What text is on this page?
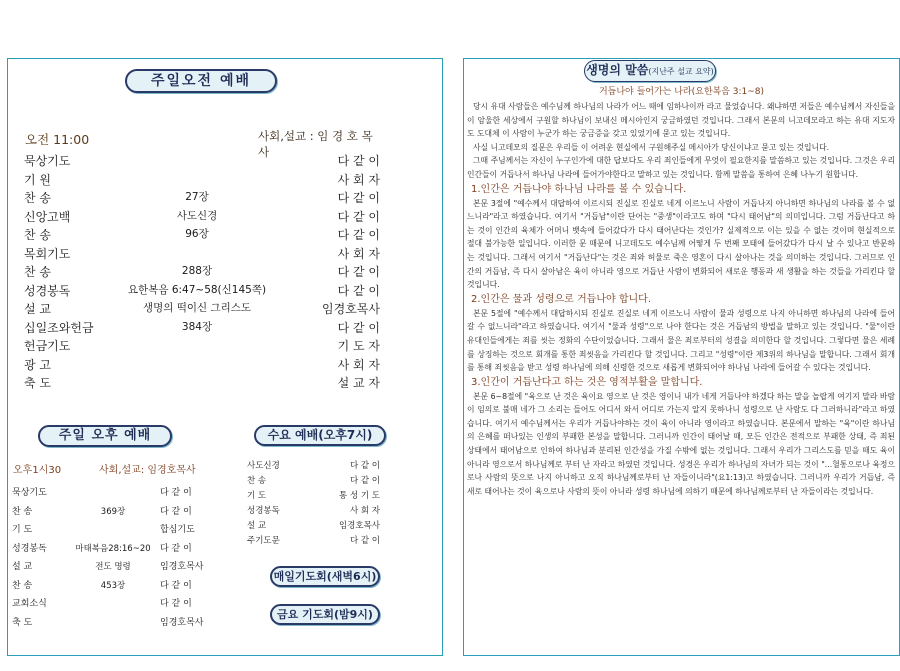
주일오전 예배
오전 11:00	사회,설교 : 임 경 호 목사
묵상기도	다 같 이
기 원	사 회 자
찬 송	27장	다 같 이
신앙고백	사도신경	다 같 이
찬 송	96장	다 같 이
목회기도	사 회 자
찬 송	288장	다 같 이
성경봉독	요한복음 6:47~58(신145쪽)	다 같 이
설 교	생명의 떡이신 그리스도	임경호목사
십일조와헌금	384장	다 같 이
헌금기도	기 도 자
광 고	사 회 자
축 도	설 교 자
주일 오후 예배
오후1시30	사회,설교: 임경호목사
묵상기도	다 같 이
찬 송	369장	다 같 이
기 도	합심기도
성경봉독	마태복음28:16~20	다 같 이
설 교	전도 명령	임경호목사
찬 송	453장	다 같 이
교회소식	다 같 이
축 도	임경호목사
수요 예배(오후7시)
사도신경	다 같 이
찬 송	다 같 이
기 도	통 성 기 도
성경봉독	사 회 자
설 교	임경호목사
주기도문	다 같 이
매일기도회(새벽6시)
금요 기도회(밤9시)
생명의 말씀(지난주 설교 요약)
거듭나야 들어가는 나라(요한복음 3:1~8)

당시 유대 사람들은 예수님께 하나님의 나라가 어느 때에 임하나이까 라고 물었습니다. 왜냐하면 저들은 예수님께서 자신들을 이 암울한 세상에서 구원할 하나님이 보내신 메시아인지 궁금하였던 것입니다. 그래서 본문의 니고데모라고 하는 유대 지도자도 도대체 이 사람이 누군가 하는 궁금증을 갖고 있었기에 묻고 있는 것입니다.

사실 니고데모의 질문은 우리들 이 어려운 현실에서 구원해주실 메시아가 당신이냐고 묻고 있는 것입니다.

그때 주님께서는 자신이 누구인가에 대한 답보다도 우리 죄인들에게 무엇이 필요한지를 말씀하고 있는 것입니다. 그것은 우리 인간들이 거듭나서 하나님 나라에 들어가야한다고 말하고 있는 것입니다. 함께 말씀을 통하여 은혜 나누기 원합니다.

1.인간은 거듭나야 하나님 나라를 볼 수 있습니다.

본문 3절에 "예수께서 대답하여 이르시되 진실로 진실로 네게 이르노니 사람이 거듭나지 아니하면 하나님의 나라를 볼 수 없느니라"라고 하였습니다. 여기서 "거듭남"이란 단어는 "중생"이라고도 하며 "다시 태어남"의 의미입니다. 그럼 거듭난다고 하는 것이 인간의 육체가 어머니 뱃속에 들어갔다가 다시 태어난다는 것인가? 실제적으로 이는 있을 수 없는 것이며 현실적으로 절대 불가능한 일입니다. 이러한 문 때문에 니고데도도 예수님께 어떻게 두 번째 모태에 들어갔다가 다시 날 수 있나고 반문하는 것입니다. 그래서 여기서 "거듭난다"는 것은 죄와 허물로 죽은 영혼이 다시 살아나는 것을 의미하는 것입니다. 그러므로 인간의 거듭남, 즉 다시 살아남은 육이 아니라 영으로 거듭난 사람이 변화되어 새로운 행동과 새 생활을 하는 것들을 가리킨다 할 것입니다.

2.인간은 물과 성령으로 거듭나야 합니다.

본문 5절에 "예수께서 대답하시되 진실로 진실로 네게 이르노니 사람이 물과 성령으로 나지 아니하면 하나님의 나라에 들어갈 수 없느니라"라고 하였습니다. 여기서 "물과 성령"으로 나야 한다는 것은 거듭남의 방법을 말하고 있는 것입니다. "물"이란 유대인들에게는 죄를 씻는 정화의 수단이었습니다. 그래서 물은 죄로부터의 성결을 의미한다 할 것입니다. 그렇다면 물은 세례를 상징하는 것으로 회개를 통한 죄씻음을 가리킨다 할 것입니다. 그리고 "성령"이란 제3위의 하나님을 말합니다. 그래서 회개를 통해 죄씻음을 받고 성령 하나님에 의해 신령한 것으로 새롭게 변화되어야 하나님 나라에 들어갈 수 있다는 것입니다.

3.인간이 거듭난다고 하는 것은 영적부활을 말합니다.

본문 6~8절에 "육으로 난 것은 육이요 영으로 난 것은 영이니 내가 네게 거듭나야 하겠다 하는 말을 놀랍게 여기지 말라 바람이 임의로 불매 네가 그 소리는 들어도 어디서 와서 어디로 가는지 알지 못하나니 성령으로 난 사람도 다 그러하니라"라고 하였습니다. 여기서 예수님께서는 우리가 거듭나야하는 것이 육이 아니라 영이라고 하였습니다. 본문에서 말하는 "육"이란 하나님의 은혜를 떠나있는 인생의 부패한 본성을 말합니다. 그러니까 인간이 태어날 때, 모든 인간은 전적으로 부패한 상태, 즉 죄된 상태에서 태어남으로 인하여 하나님과 분리된 인간성을 가질 수밖에 없는 것입니다. 그래서 우리가 그리스도를 믿을 때도 육이 아니라 영으로서 하나님께로 부터 난 자라고 하였던 것입니다. 성경은 우리가 하나님의 자녀가 되는 것이 "...혈통으로나 육정으로나 사람의 뜻으로 나지 아니하고 오직 하나님께로부터 난 자들이니라"(요1:13)고 하였습니다. 그러니까 우리가 거듭남, 즉 새로 태어나는 것이 육으로나 사람의 뜻이 아니라 성령 하나님에 의하기 때문에 하나님께로부터 난 자들이라는 것입니다.
